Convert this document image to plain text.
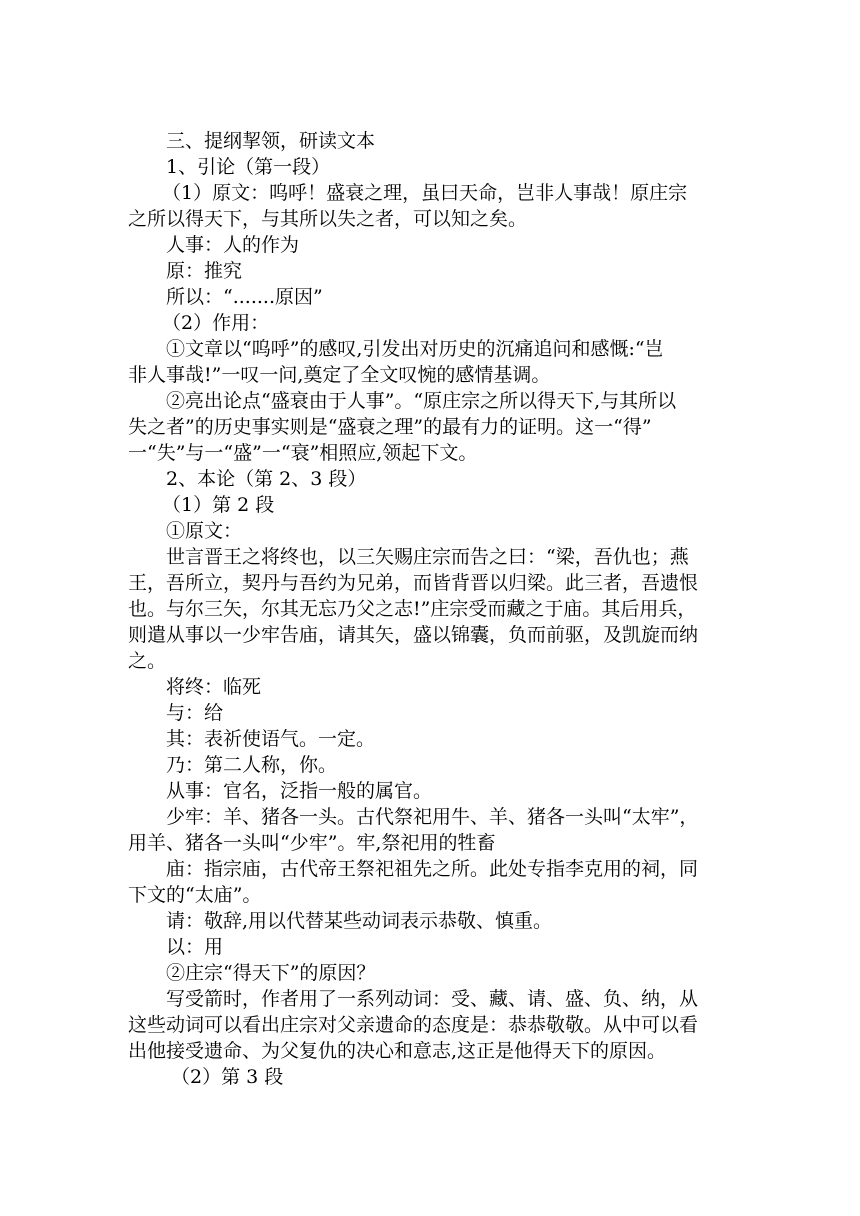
三、提纲挈领，研读文本
1、引论（第一段）
（1）原文：呜呼！盛衰之理，虽曰天命，岂非人事哉！原庄宗
之所以得天下，与其所以失之者，可以知之矣。
人事：人的作为
原：推究
所以：“.......原因”
（2）作用：
①文章以“呜呼”的感叹,引发出对历史的沉痛追问和感慨:“岂
非人事哉!”一叹一问,奠定了全文叹惋的感情基调。
②亮出论点“盛衰由于人事”。“原庄宗之所以得天下,与其所以
失之者”的历史事实则是“盛衰之理”的最有力的证明。这一“得”
一“失”与一“盛”一“衰”相照应,领起下文。
2、本论（第 2、3 段）
（1）第 2 段
①原文：
世言晋王之将终也，以三矢赐庄宗而告之曰：“梁，吾仇也；燕
王，吾所立，契丹与吾约为兄弟，而皆背晋以归梁。此三者，吾遗恨
也。与尔三矢，尔其无忘乃父之志!”庄宗受而藏之于庙。其后用兵，
则遣从事以一少牢告庙，请其矢，盛以锦囊，负而前驱，及凯旋而纳
之。
将终：临死
与：给
其：表祈使语气。一定。
乃：第二人称，你。
从事：官名，泛指一般的属官。
少牢：羊、猪各一头。古代祭祀用牛、羊、猪各一头叫“太牢”，
用羊、猪各一头叫“少牢”。牢,祭祀用的牲畜
庙：指宗庙，古代帝王祭祀祖先之所。此处专指李克用的祠，同
下文的“太庙”。
请：敬辞,用以代替某些动词表示恭敬、慎重。
以：用
②庄宗“得天下”的原因？
写受箭时，作者用了一系列动词：受、藏、请、盛、负、纳，从
这些动词可以看出庄宗对父亲遗命的态度是：恭恭敬敬。从中可以看
出他接受遗命、为父复仇的决心和意志,这正是他得天下的原因。
（2）第 3 段
